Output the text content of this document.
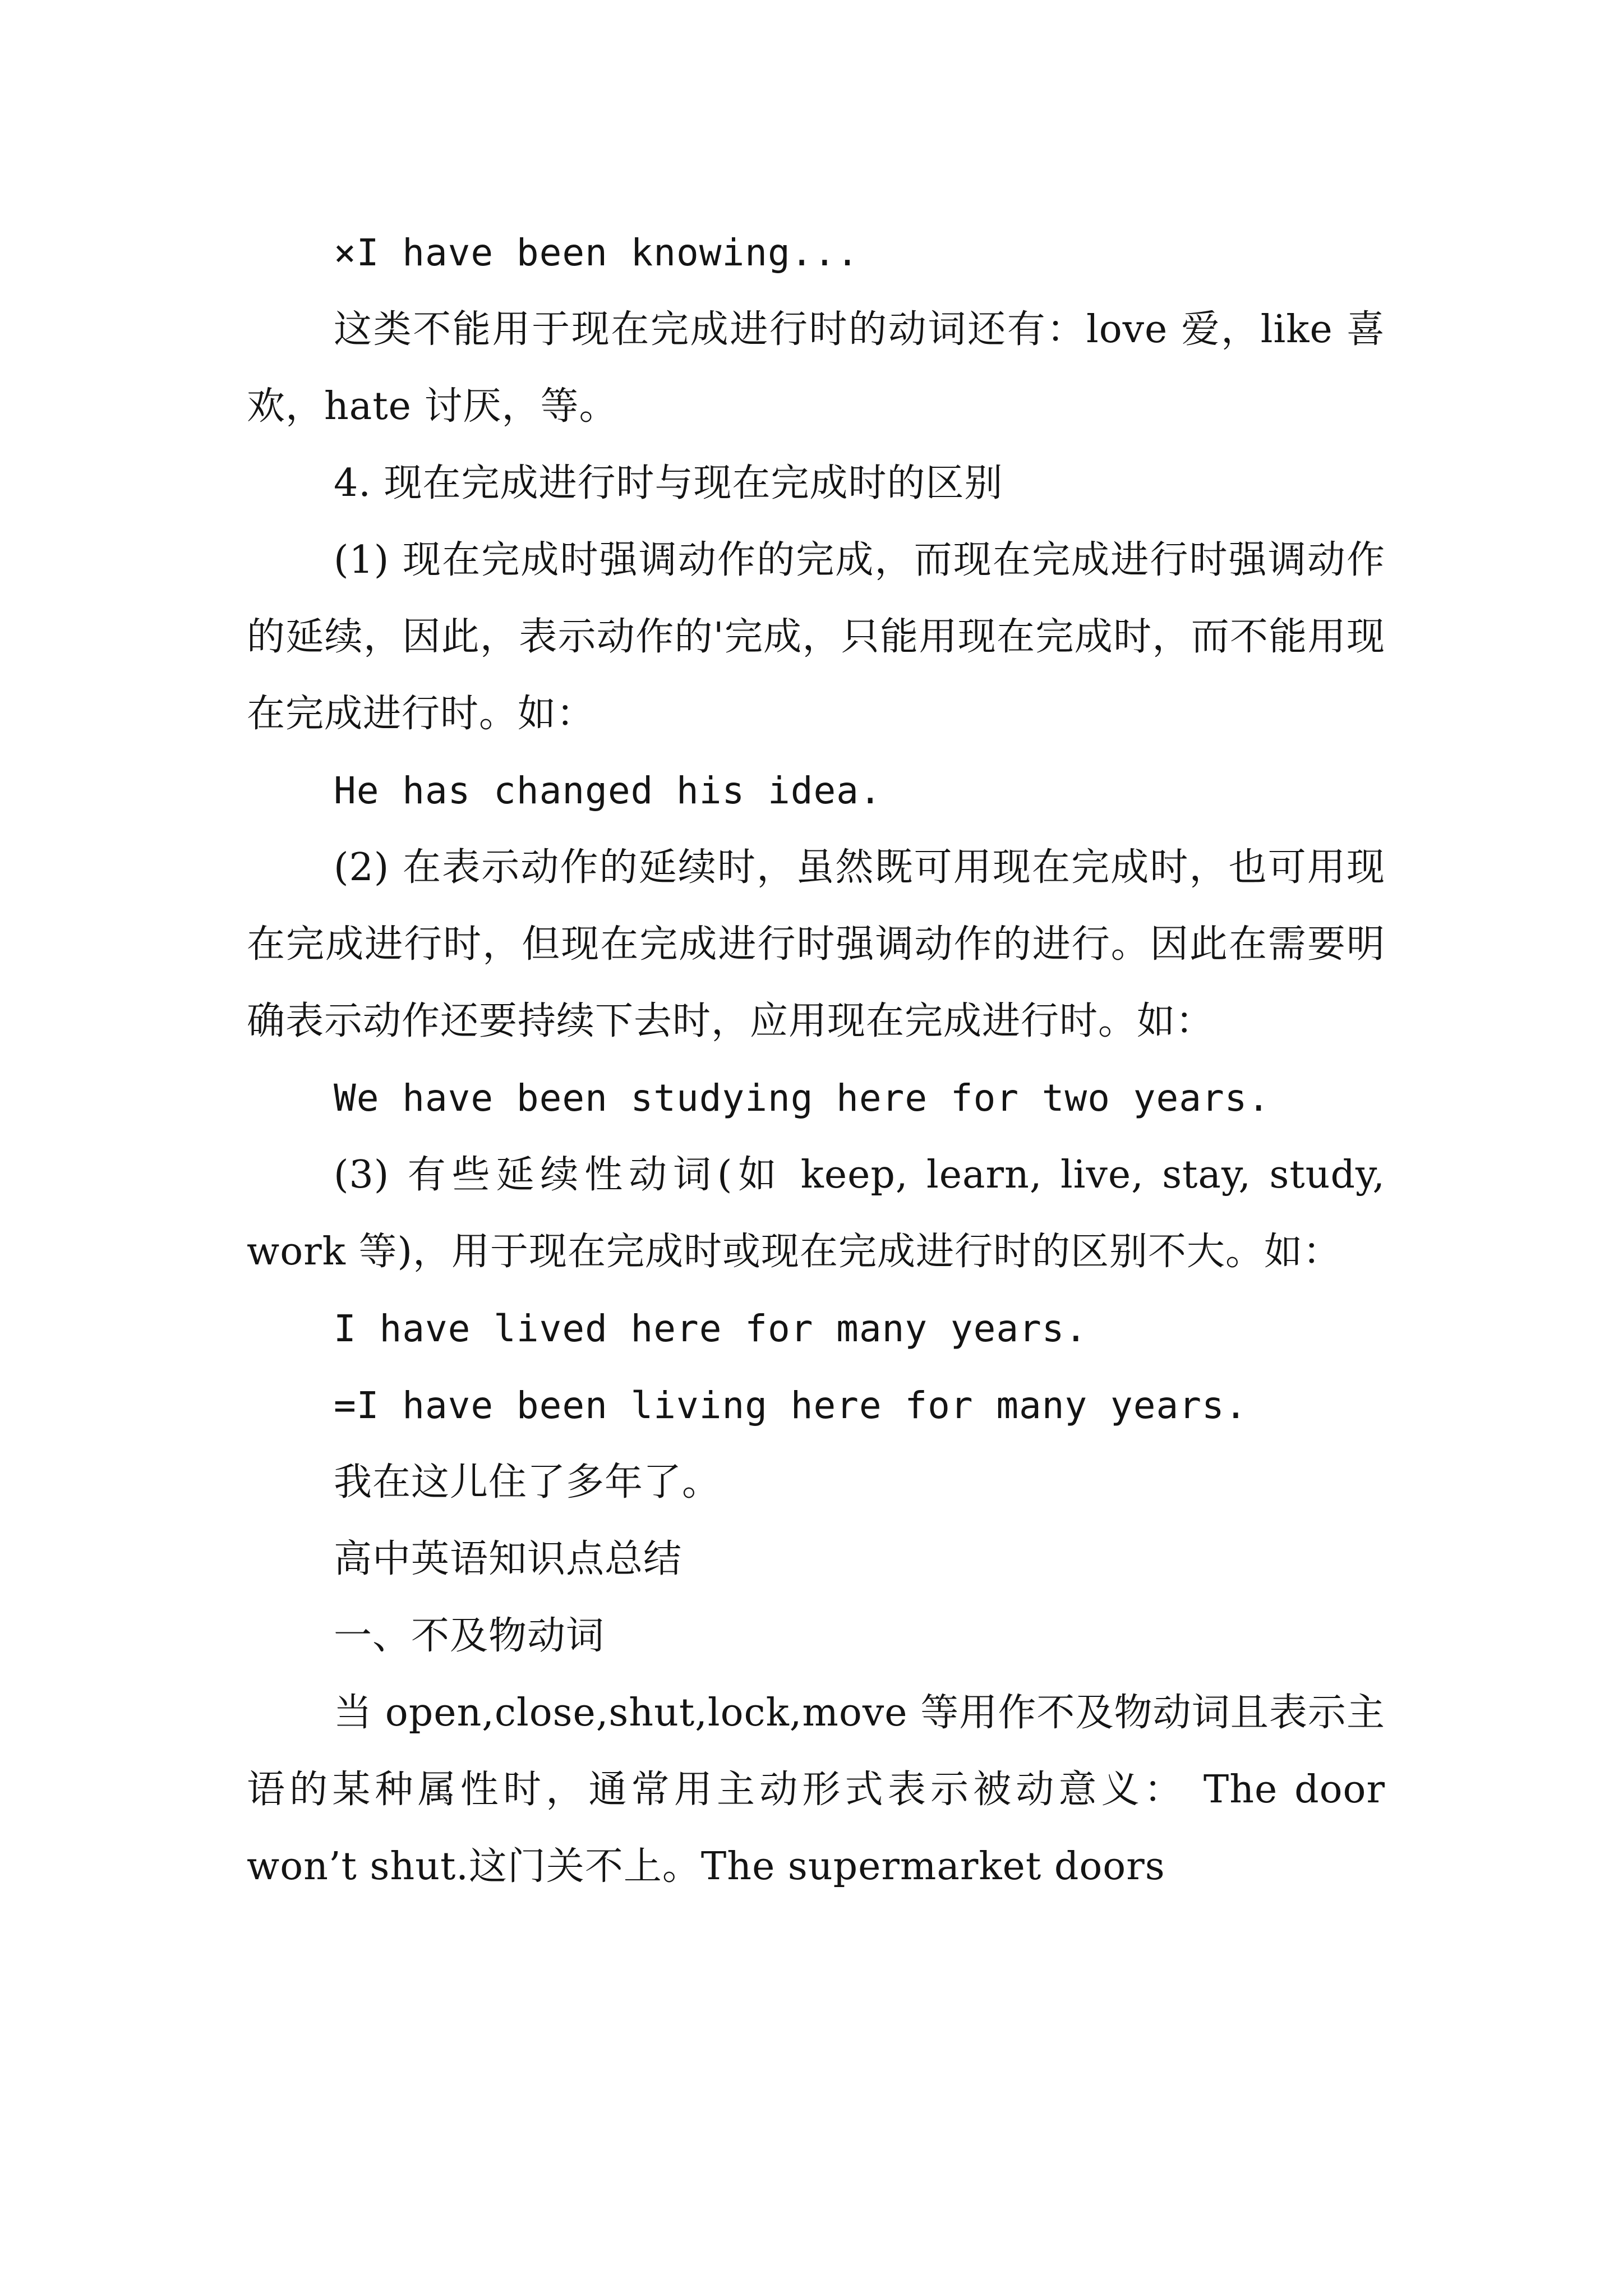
×I have been knowing...

这类不能用于现在完成进行时的动词还有：love 爱，like 喜欢，hate 讨厌，等。

4. 现在完成进行时与现在完成时的区别

(1) 现在完成时强调动作的完成，而现在完成进行时强调动作的延续，因此，表示动作的'完成，只能用现在完成时，而不能用现在完成进行时。如：

He has changed his idea.

(2) 在表示动作的延续时，虽然既可用现在完成时，也可用现在完成进行时，但现在完成进行时强调动作的进行。因此在需要明确表示动作还要持续下去时，应用现在完成进行时。如：

We have been studying here for two years.

(3) 有些延续性动词(如 keep, learn, live, stay, study, work 等)，用于现在完成时或现在完成进行时的区别不大。如：

I have lived here for many years.

=I have been living here for many years.

我在这儿住了多年了。

高中英语知识点总结

一、不及物动词

当 open,close,shut,lock,move 等用作不及物动词且表示主语的某种属性时，通常用主动形式表示被动意义： The door won’t shut.这门关不上。The supermarket doors
